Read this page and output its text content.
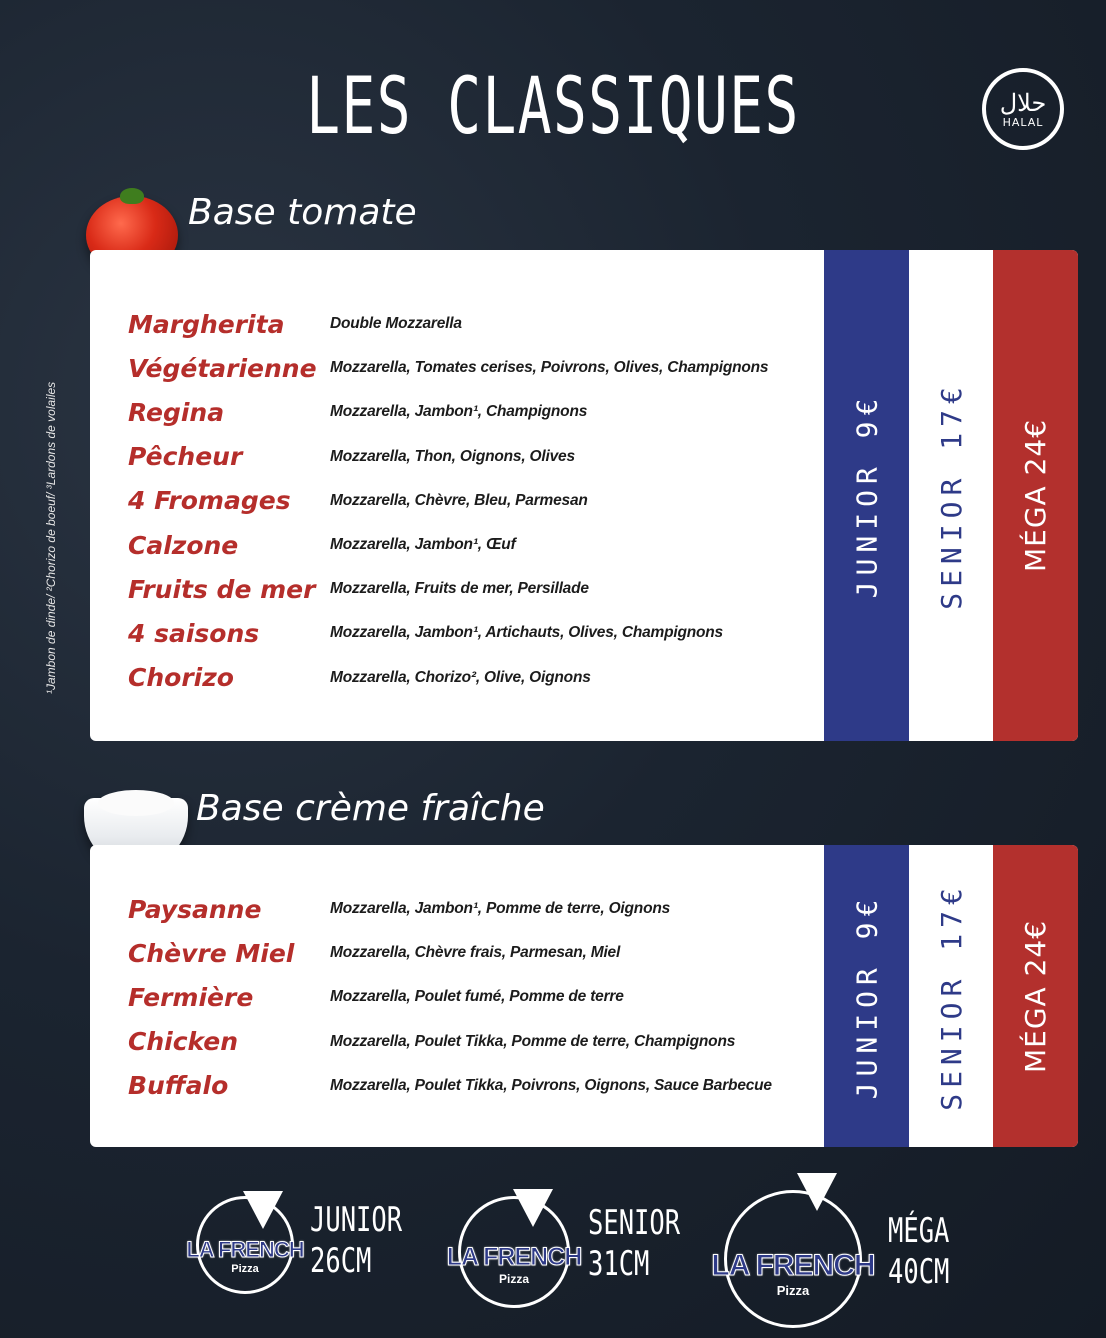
LES CLASSIQUES	حلال
HALAL
¹Jambon de dinde/ ²Chorizo de boeuf/ ³Lardons de volailes
Base tomate
Margherita	Double Mozzarella
Végétarienne Mozzarella, Tomates cerises, Poivrons, Olives, Champignons
Regina	Mozzarella, Jambon¹, Champignons
Pêcheur	Mozzarella, Thon, Oignons, Olives
4 Fromages	Mozzarella, Chèvre, Bleu, Parmesan
Calzone	Mozzarella, Jambon¹, Œuf
Fruits de mer Mozzarella, Fruits de mer, Persillade
4 saisons	Mozzarella, Jambon¹, Artichauts, Olives, Champignons
Chorizo	Mozzarella, Chorizo², Olive, Oignons
JUNIOR 9€ SENIOR 17€ MÉGA 24€
Base crème fraîche
Paysanne	Mozzarella, Jambon¹, Pomme de terre, Oignons
Chèvre Miel	Mozzarella, Chèvre frais, Parmesan, Miel
Fermière	Mozzarella, Poulet fumé, Pomme de terre
Chicken	Mozzarella, Poulet Tikka, Pomme de terre, Champignons
Buffalo	Mozzarella, Poulet Tikka, Poivrons, Oignons, Sauce Barbecue	JUNIOR 9€ SENIOR 17€ MÉGA 24€
LA FRENCH
Pizza
JUNIOR
26CM	LA FRENCH
Pizza
SENIOR
31CM	LA FRENCH
Pizza
MÉGA
40CM
